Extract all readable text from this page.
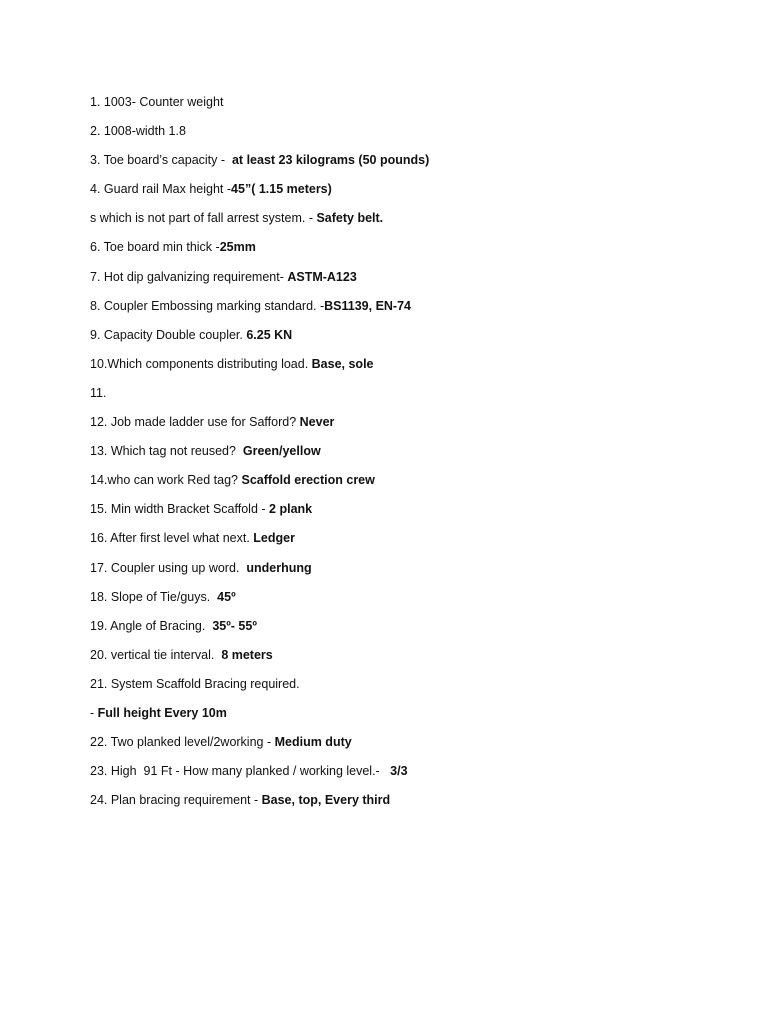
1. 1003- Counter weight
2. 1008-width 1.8
3. Toe board’s capacity -  at least 23 kilograms (50 pounds)
4. Guard rail Max height -45”( 1.15 meters)
s which is not part of fall arrest system. - Safety belt.
6. Toe board min thick -25mm
7. Hot dip galvanizing requirement- ASTM-A123
8. Coupler Embossing marking standard. -BS1139, EN-74
9. Capacity Double coupler. 6.25 KN
10.Which components distributing load. Base, sole
11.
12. Job made ladder use for Safford? Never
13. Which tag not reused?  Green/yellow
14.who can work Red tag? Scaffold erection crew
15. Min width Bracket Scaffold - 2 plank
16. After first level what next. Ledger
17. Coupler using up word.  underhung
18. Slope of Tie/guys.  45º
19. Angle of Bracing.  35º- 55º
20. vertical tie interval.  8 meters
21. System Scaffold Bracing required.
- Full height Every 10m
22. Two planked level/2working - Medium duty
23. High  91 Ft - How many planked / working level.-   3/3
24. Plan bracing requirement - Base, top, Every third
